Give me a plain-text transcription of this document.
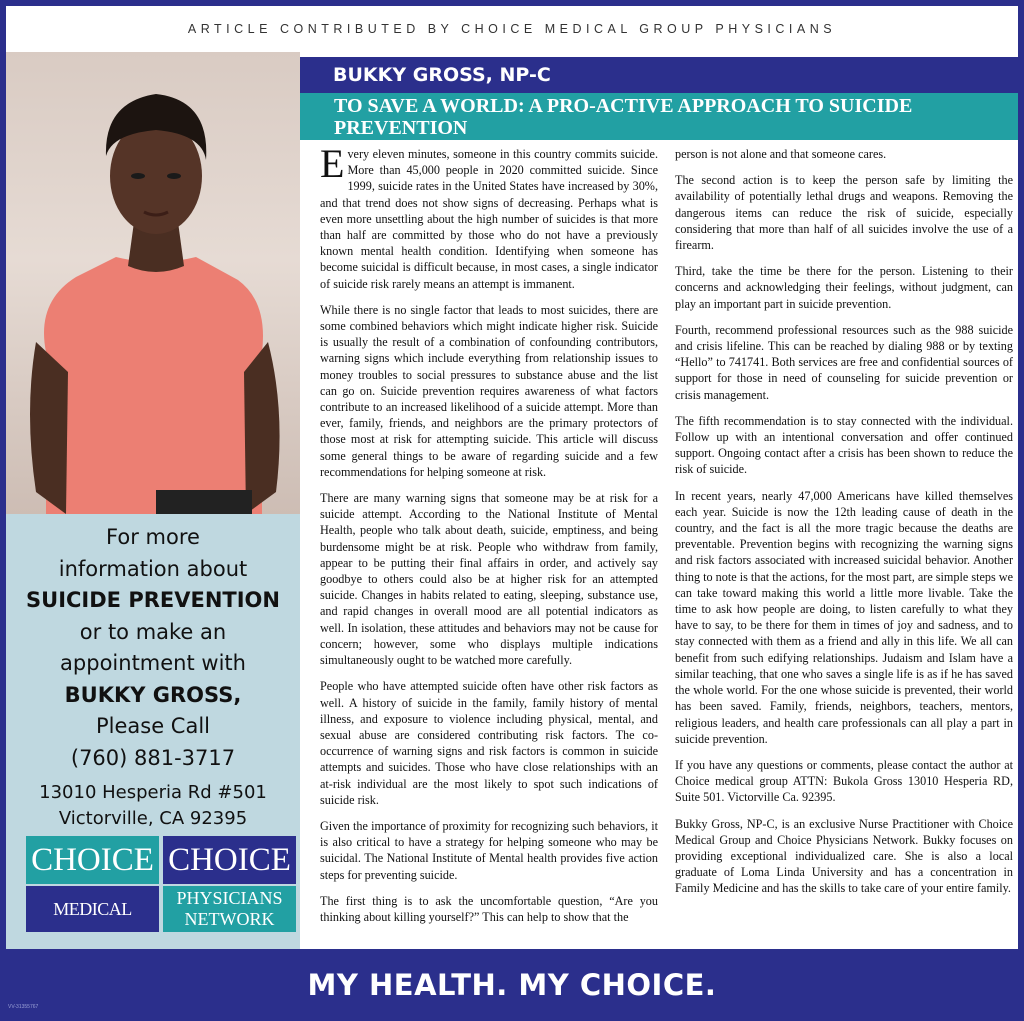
ARTICLE CONTRIBUTED BY CHOICE MEDICAL GROUP PHYSICIANS
For more
information about
SUICIDE PREVENTION
or to make an
appointment with
BUKKY GROSS,
Please Call
(760) 881-3717
13010 Hesperia Rd #501
Victorville, CA 92395
CHOICE CHOICE
MEDICAL
PHYSICIANS
NETWORK
BUKKY GROSS, NP-C
TO SAVE A WORLD: A PRO-ACTIVE APPROACH TO SUICIDE PREVENTION

Every eleven minutes, someone in this country commits suicide. More than 45,000 people in 2020 committed suicide. Since 1999, suicide rates in the United States have increased by 30%, and that trend does not show signs of decreasing. Perhaps what is even more unsettling about the high number of suicides is that more than half are committed by those who do not have a previously known mental health condition. Identifying when someone has become suicidal is difficult because, in most cases, a single indicator of suicide risk rarely means an attempt is immanent.

While there is no single factor that leads to most suicides, there are some combined behaviors which might indicate higher risk. Suicide is usually the result of a combination of confounding contributors, warning signs which include everything from relationship issues to money troubles to social pressures to substance abuse and the list can go on. Suicide prevention requires awareness of what factors contribute to an increased likelihood of a suicide attempt. More than ever, family, friends, and neighbors are the primary protectors of those most at risk for attempting suicide. This article will discuss some general things to be aware of regarding suicide and a few recommendations for helping someone at risk.

There are many warning signs that someone may be at risk for a suicide attempt. According to the National Institute of Mental Health, people who talk about death, suicide, emptiness, and being burdensome might be at risk. People who withdraw from family, appear to be putting their final affairs in order, and actively say goodbye to others could also be at higher risk for an attempted suicide. Changes in habits related to eating, sleeping, substance use, and rapid changes in overall mood are all potential indicators as well. In isolation, these attitudes and behaviors may not be cause for concern; however, some who displays multiple indications simultaneously ought to be watched more carefully.

People who have attempted suicide often have other risk factors as well. A history of suicide in the family, family history of mental illness, and exposure to violence including physical, mental, and sexual abuse are considered contributing risk factors. The co-occurrence of warning signs and risk factors is common in suicide attempts and suicides. Those who have close relationships with an at-risk individual are the most likely to spot such indications of suicide risk.

Given the importance of proximity for recognizing such behaviors, it is also critical to have a strategy for helping someone who may be suicidal. The National Institute of Mental health provides five action steps for preventing suicide.

The first thing is to ask the uncomfortable question, “Are you thinking about killing yourself?” This can help to show that the

person is not alone and that someone cares.

The second action is to keep the person safe by limiting the availability of potentially lethal drugs and weapons. Removing the dangerous items can reduce the risk of suicide, especially considering that more than half of all suicides involve the use of a firearm.

Third, take the time be there for the person. Listening to their concerns and acknowledging their feelings, without judgment, can play an important part in suicide prevention.

Fourth, recommend professional resources such as the 988 suicide and crisis lifeline. This can be reached by dialing 988 or by texting “Hello” to 741741. Both services are free and confidential sources of support for those in need of counseling for suicide prevention or crisis management.

The fifth recommendation is to stay connected with the individual. Follow up with an intentional conversation and offer continued support. Ongoing contact after a crisis has been shown to reduce the risk of suicide.

In recent years, nearly 47,000 Americans have killed themselves each year. Suicide is now the 12th leading cause of death in the country, and the fact is all the more tragic because the deaths are preventable. Prevention begins with recognizing the warning signs and risk factors associated with increased suicidal behavior. Another thing to note is that the actions, for the most part, are simple steps we can take toward making this world a little more livable. Take the time to ask how people are doing, to listen carefully to what they have to say, to be there for them in times of joy and sadness, and to stay connected with them as a friend and ally in this life. We all can benefit from such edifying relationships. Judaism and Islam have a similar teaching, that one who saves a single life is as if he has saved the whole world. For the one whose suicide is prevented, their world has been saved. Family, friends, neighbors, teachers, mentors, religious leaders, and health care professionals can all play a part in suicide prevention.

If you have any questions or comments, please contact the author at Choice medical group ATTN: Bukola Gross 13010 Hesperia RD, Suite 501. Victorville Ca. 92395.

Bukky Gross, NP-C, is an exclusive Nurse Practitioner with Choice Medical Group and Choice Physicians Network. Bukky focuses on providing exceptional individualized care. She is also a local graduate of Loma Linda University and has a concentration in Family Medicine and has the skills to take care of your entire family.

MY HEALTH. MY CHOICE.
VV-31355767
